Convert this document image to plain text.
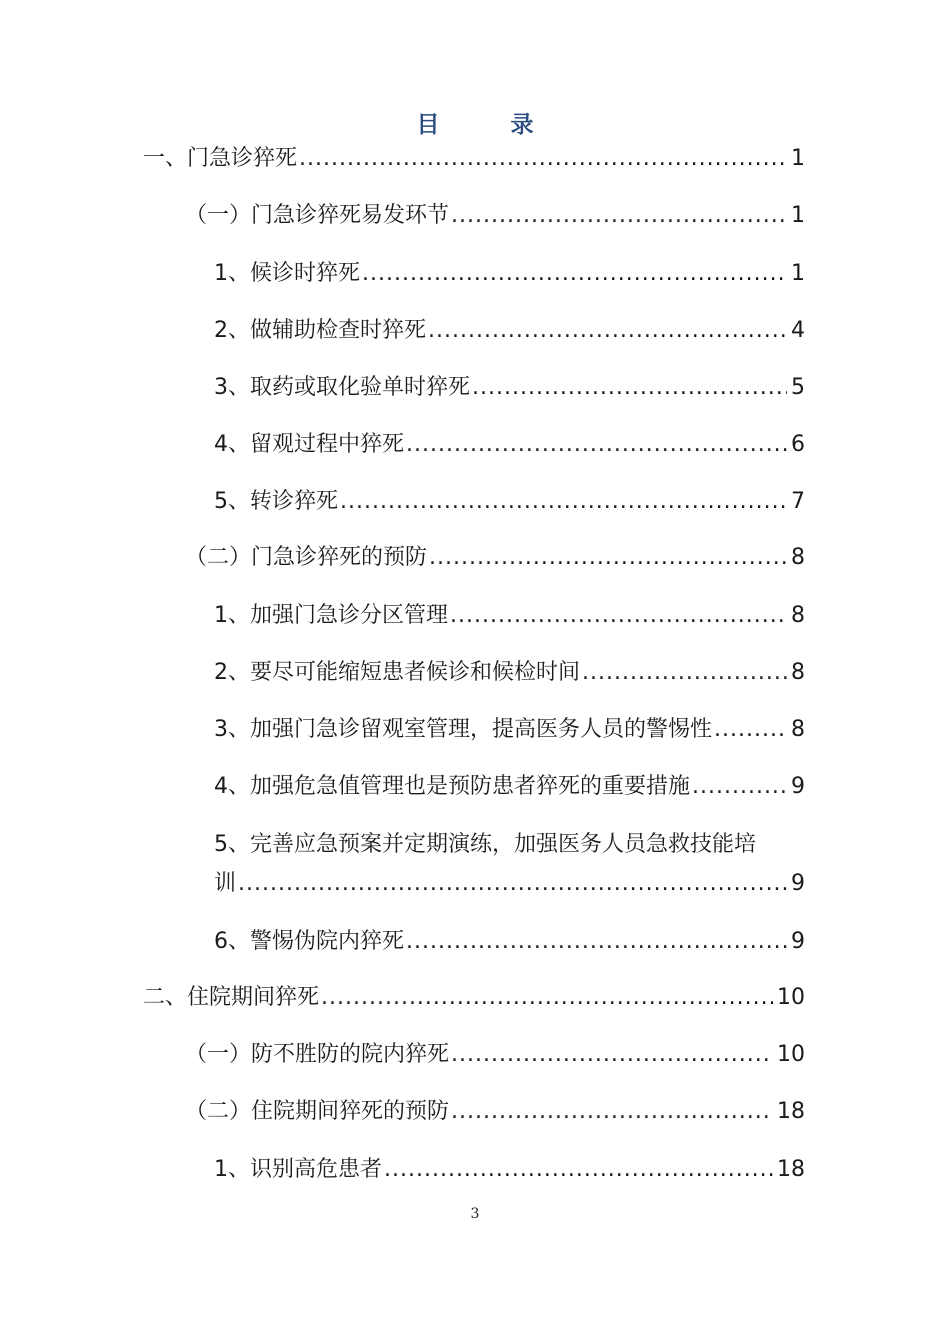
目　录
一、门急诊猝死 .....	1
（一）门急诊猝死易发环节 .....	1
1、候诊时猝死 .....	1
2、做辅助检查时猝死 .....	4
3、取药或取化验单时猝死 .....	5
4、留观过程中猝死 .....	6
5、转诊猝死 .....	7
（二）门急诊猝死的预防 .....	8
1、加强门急诊分区管理 .....	8
2、要尽可能缩短患者候诊和候检时间 .....	8
3、加强门急诊留观室管理，提高医务人员的警惕性 .....	8
4、加强危急值管理也是预防患者猝死的重要措施 .....	9
5、完善应急预案并定期演练，加强医务人员急救技能培
训 .....	9
6、警惕伪院内猝死 .....	9
二、住院期间猝死 .....	10
（一）防不胜防的院内猝死 .....	10
（二）住院期间猝死的预防 .....	18
1、识别高危患者 .....	18
3
